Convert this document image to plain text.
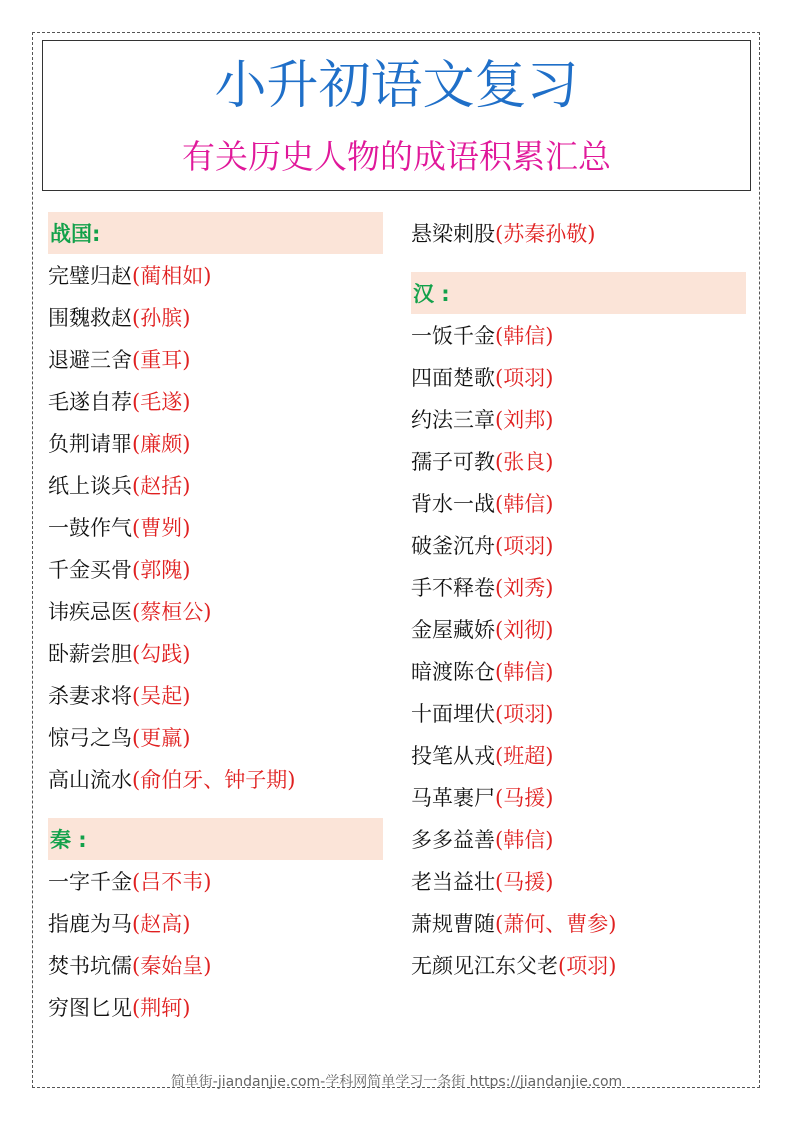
小升初语文复习
有关历史人物的成语积累汇总
战国:
完璧归赵(蔺相如)
围魏救赵(孙膑)
退避三舍(重耳)
毛遂自荐(毛遂)
负荆请罪(廉颇)
纸上谈兵(赵括)
一鼓作气(曹刿)
千金买骨(郭隗)
讳疾忌医(蔡桓公)
卧薪尝胆(勾践)
杀妻求将(吴起)
惊弓之鸟(更羸)
高山流水(俞伯牙、钟子期)
秦 :
一字千金(吕不韦)
指鹿为马(赵高)
焚书坑儒(秦始皇)
穷图匕见(荆轲)
悬梁刺股(苏秦孙敬)
汉 :
一饭千金(韩信)
四面楚歌(项羽)
约法三章(刘邦)
孺子可教(张良)
背水一战(韩信)
破釜沉舟(项羽)
手不释卷(刘秀)
金屋藏娇(刘彻)
暗渡陈仓(韩信)
十面埋伏(项羽)
投笔从戎(班超)
马革裹尸(马援)
多多益善(韩信)
老当益壮(马援)
萧规曹随(萧何、曹参)
无颜见江东父老(项羽)
简单街-jiandanjie.com-学科网简单学习一条街 https://jiandanjie.com
